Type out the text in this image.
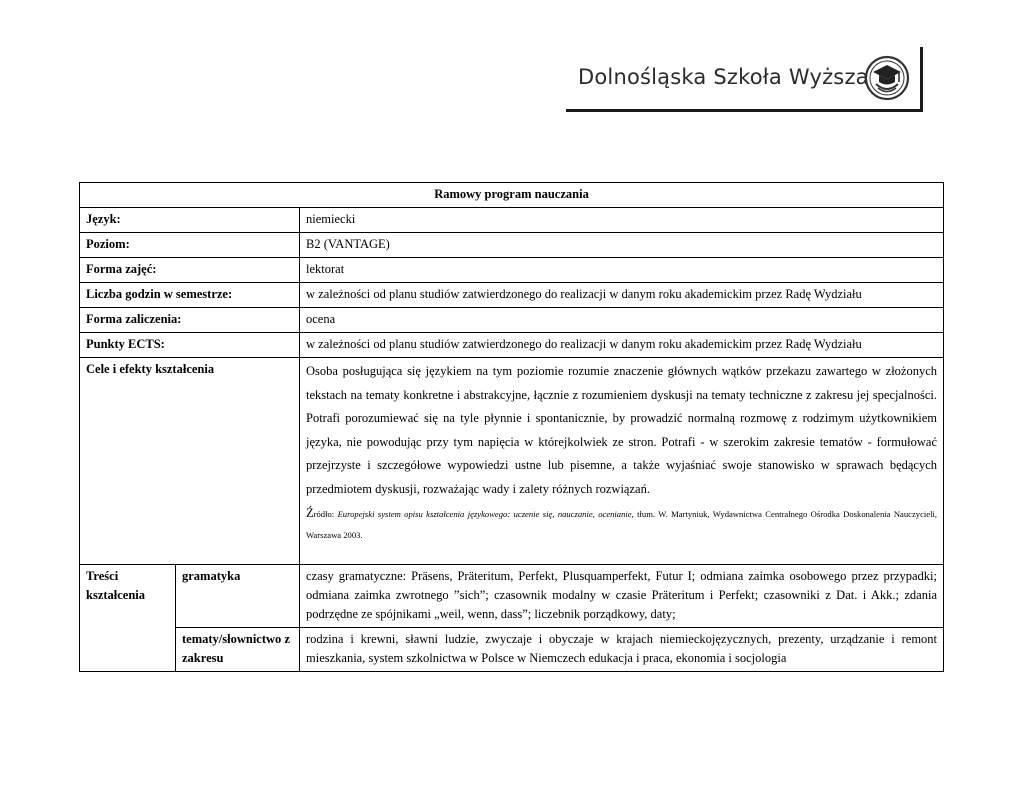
Dolnośląska Szkoła Wyższa
Ramowy program nauczania		
Język:		niemiecki
Poziom:		B2 (VANTAGE)
Forma zajęć:		lektorat
Liczba godzin w semestrze:		w zależności od planu studiów zatwierdzonego do realizacji w danym roku akademickim przez Radę Wydziału
Forma zaliczenia:		ocena
Punkty ECTS:		w zależności od planu studiów zatwierdzonego do realizacji w danym roku akademickim przez Radę Wydziału
Cele i efekty kształcenia		Osoba posługująca się językiem na tym poziomie rozumie znaczenie głównych wątków przekazu zawartego w złożonych tekstach na tematy konkretne i abstrakcyjne, łącznie z rozumieniem dyskusji na tematy techniczne z zakresu jej specjalności. Potrafi porozumiewać się na tyle płynnie i spontanicznie, by prowadzić normalną rozmowę z rodzimym użytkownikiem języka, nie powodując przy tym napięcia w którejkolwiek ze stron. Potrafi - w szerokim zakresie tematów - formułować przejrzyste i szczegółowe wypowiedzi ustne lub pisemne, a także wyjaśniać swoje stanowisko w sprawach będących przedmiotem dyskusji, rozważając wady i zalety różnych rozwiązań.
Źródło: Europejski system opisu kształcenia językowego: uczenie się, nauczanie, ocenianie, tłum. W. Martyniuk, Wydawnictwa Centralnego Ośrodka Doskonalenia Nauczycieli, Warszawa 2003.

Treści kształcenia	gramatyka	czasy gramatyczne: Präsens, Präteritum, Perfekt, Plusquamperfekt, Futur I; odmiana zaimka osobowego przez przypadki; odmiana zaimka zwrotnego ”sich”; czasownik modalny w czasie Präteritum i Perfekt; czasowniki z Dat. i Akk.; zdania podrzędne ze spójnikami „weil, wenn, dass”; liczebnik porządkowy, daty;
	tematy/słownictwo z zakresu	rodzina i krewni, sławni ludzie, zwyczaje i obyczaje w krajach niemieckojęzycznych, prezenty, urządzanie i remont mieszkania, system szkolnictwa w Polsce w Niemczech edukacja i praca, ekonomia i socjologia
